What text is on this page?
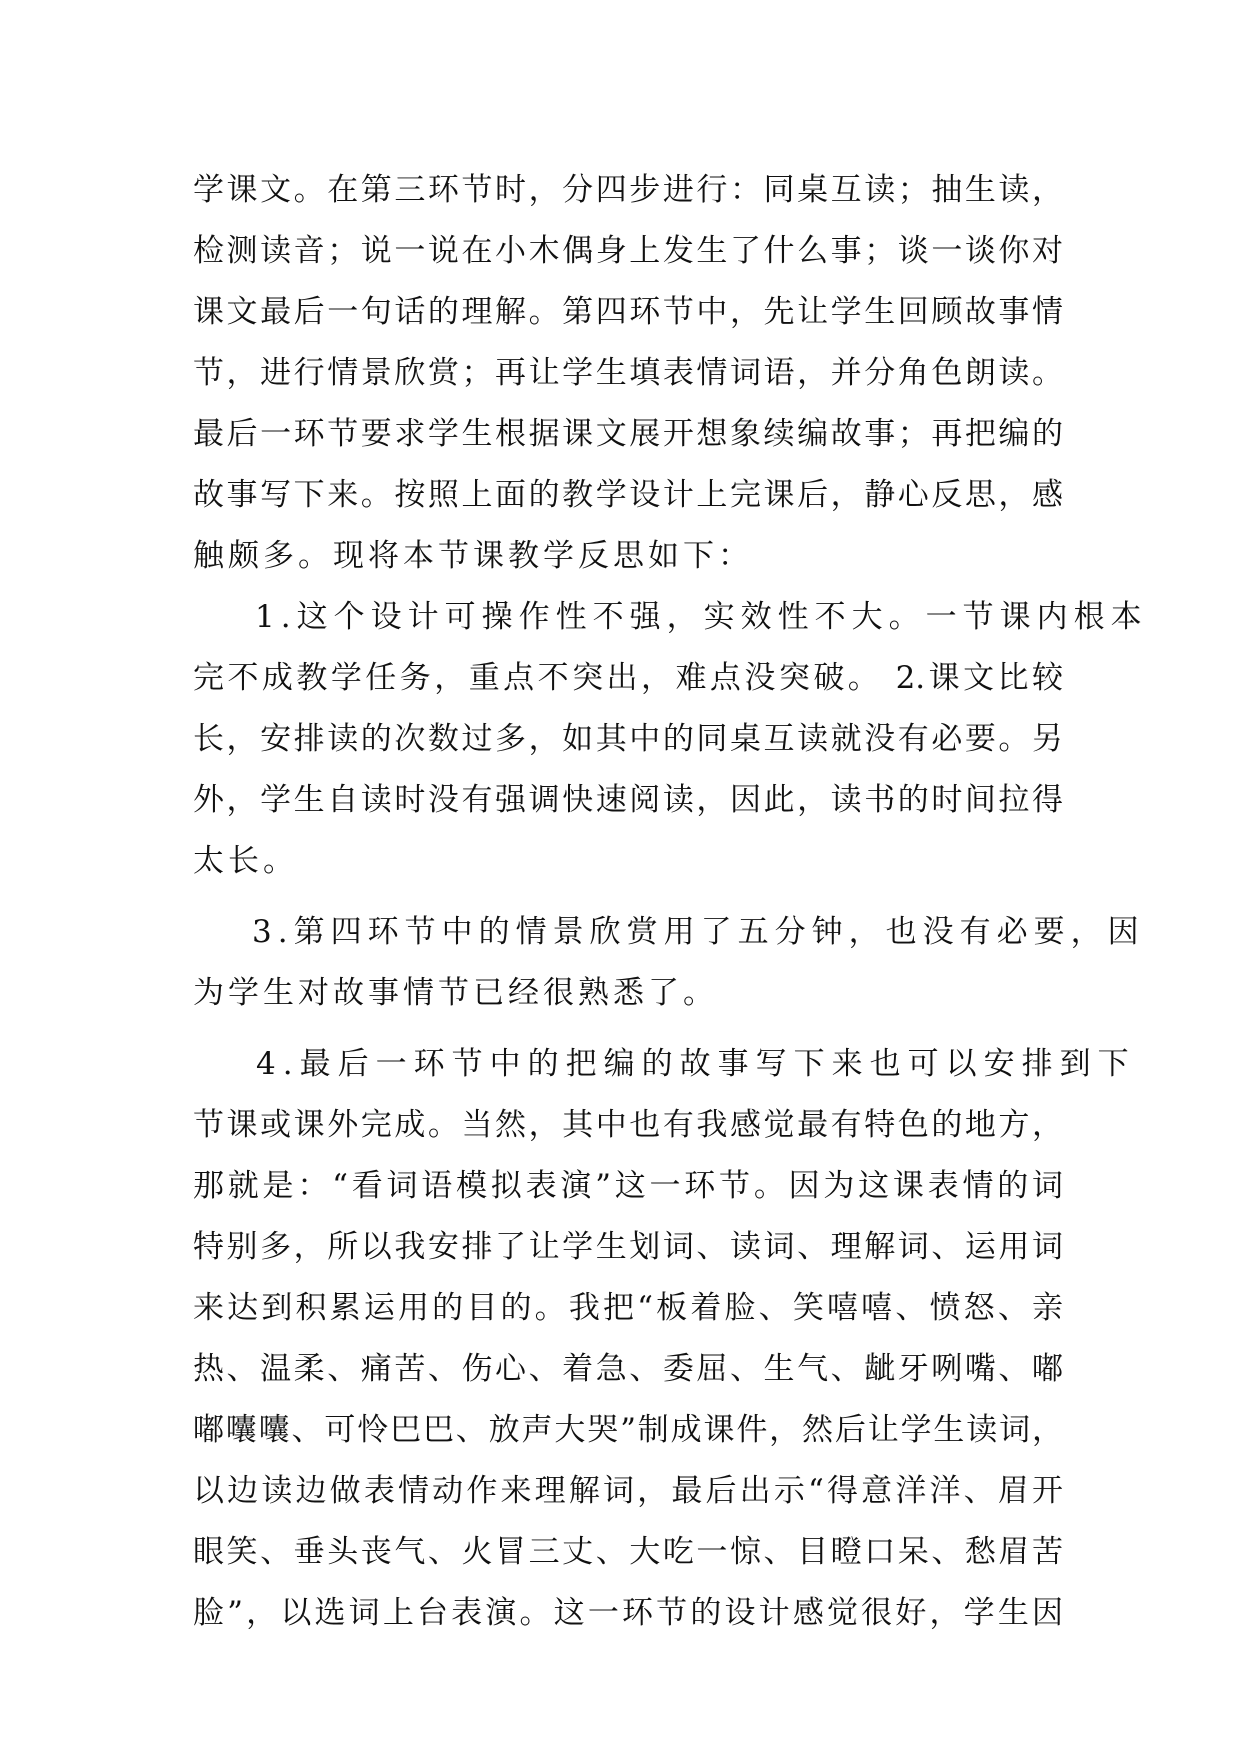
学课文。在第三环节时，分四步进行：同桌互读；抽生读，
检测读音；说一说在小木偶身上发生了什么事；谈一谈你对
课文最后一句话的理解。第四环节中，先让学生回顾故事情
节，进行情景欣赏；再让学生填表情词语，并分角色朗读。
最后一环节要求学生根据课文展开想象续编故事；再把编的
故事写下来。按照上面的教学设计上完课后，静心反思，感
触颇多。现将本节课教学反思如下：
1.这个设计可操作性不强，实效性不大。一节课内根本
完不成教学任务，重点不突出，难点没突破。 2.课文比较
长，安排读的次数过多，如其中的同桌互读就没有必要。另
外，学生自读时没有强调快速阅读，因此，读书的时间拉得
太长。
3.第四环节中的情景欣赏用了五分钟，也没有必要，因
为学生对故事情节已经很熟悉了。
4.最后一环节中的把编的故事写下来也可以安排到下
节课或课外完成。当然，其中也有我感觉最有特色的地方，
那就是：“看词语模拟表演”这一环节。因为这课表情的词
特别多，所以我安排了让学生划词、读词、理解词、运用词
来达到积累运用的目的。我把“板着脸、笑嘻嘻、愤怒、亲
热、温柔、痛苦、伤心、着急、委屈、生气、龇牙咧嘴、嘟
嘟囔囔、可怜巴巴、放声大哭”制成课件，然后让学生读词，
以边读边做表情动作来理解词，最后出示“得意洋洋、眉开
眼笑、垂头丧气、火冒三丈、大吃一惊、目瞪口呆、愁眉苦
脸”，以选词上台表演。这一环节的设计感觉很好，学生因
